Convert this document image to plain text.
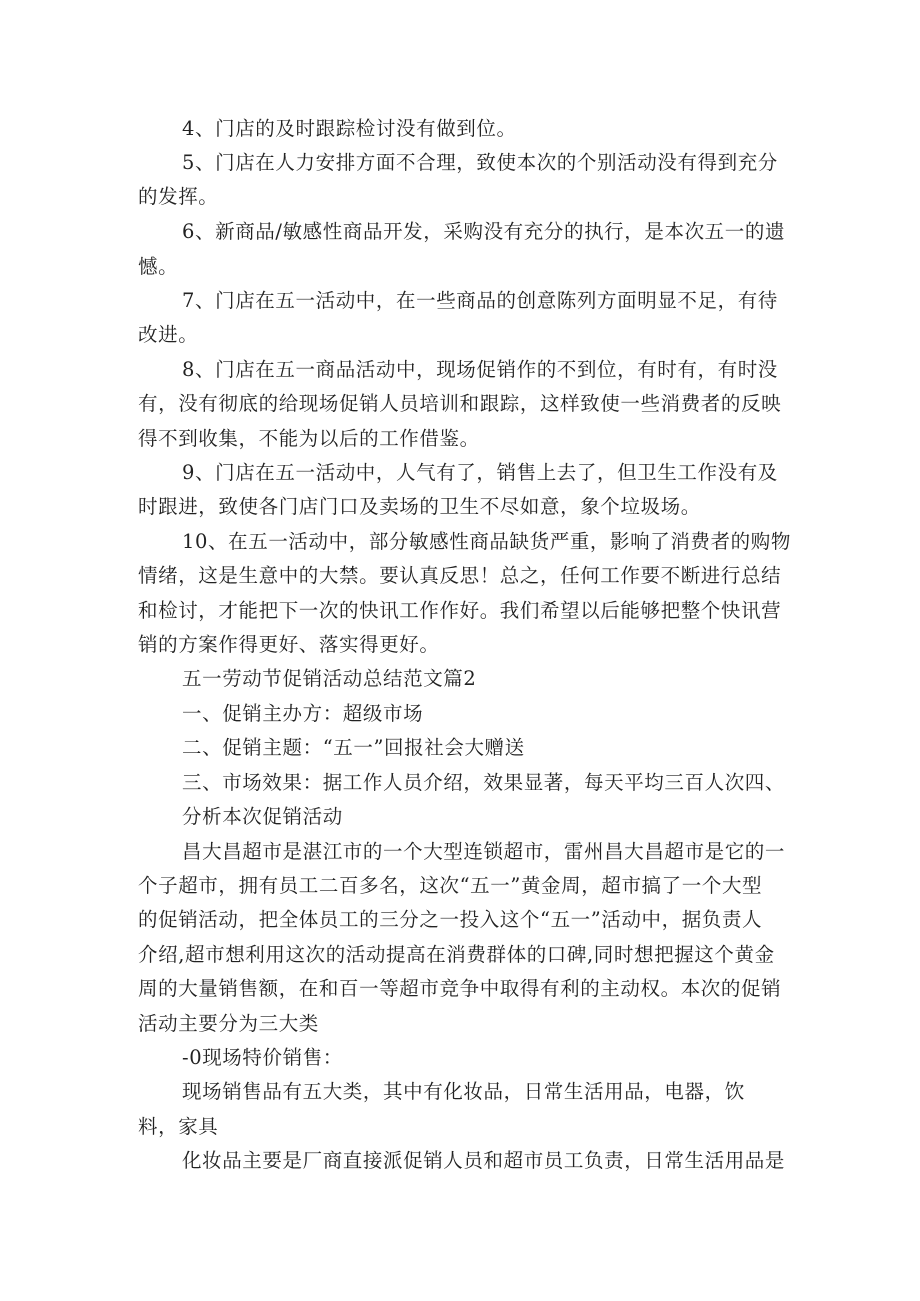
4、门店的及时跟踪检讨没有做到位。
5、门店在人力安排方面不合理，致使本次的个别活动没有得到充分
的发挥。
6、新商品/敏感性商品开发，采购没有充分的执行，是本次五一的遗
憾。
7、门店在五一活动中，在一些商品的创意陈列方面明显不足，有待
改进。
8、门店在五一商品活动中，现场促销作的不到位，有时有，有时没
有，没有彻底的给现场促销人员培训和跟踪，这样致使一些消费者的反映
得不到收集，不能为以后的工作借鉴。
9、门店在五一活动中，人气有了，销售上去了，但卫生工作没有及
时跟进，致使各门店门口及卖场的卫生不尽如意，象个垃圾场。
10、在五一活动中，部分敏感性商品缺货严重，影响了消费者的购物
情绪，这是生意中的大禁。要认真反思！总之，任何工作要不断进行总结
和检讨，才能把下一次的快讯工作作好。我们希望以后能够把整个快讯营
销的方案作得更好、落实得更好。
五一劳动节促销活动总结范文篇2
一、促销主办方：超级市场
二、促销主题：“五一”回报社会大赠送
三、市场效果：据工作人员介绍，效果显著，每天平均三百人次四、
分析本次促销活动
昌大昌超市是湛江市的一个大型连锁超市，雷州昌大昌超市是它的一
个子超市，拥有员工二百多名，这次“五一”黄金周，超市搞了一个大型
的促销活动，把全体员工的三分之一投入这个“五一”活动中，据负责人
介绍,超市想利用这次的活动提高在消费群体的口碑,同时想把握这个黄金
周的大量销售额，在和百一等超市竞争中取得有利的主动权。本次的促销
活动主要分为三大类
-0现场特价销售：
现场销售品有五大类，其中有化妆品，日常生活用品，电器，饮
料，家具
化妆品主要是厂商直接派促销人员和超市员工负责，日常生活用品是
